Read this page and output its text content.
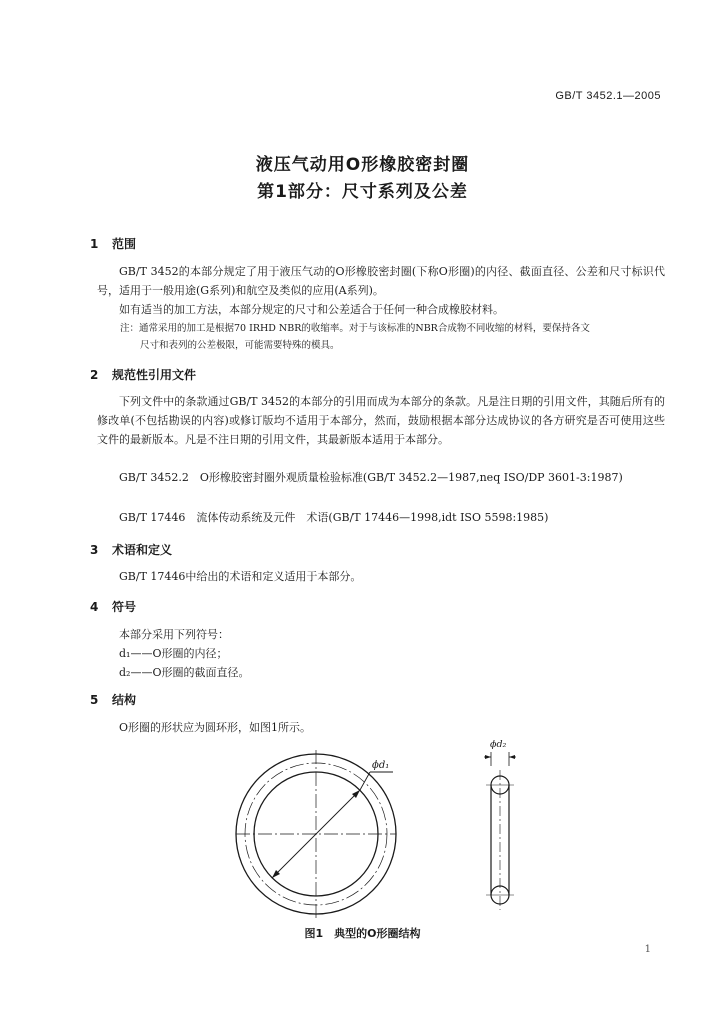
GB/T 3452.1—2005
液压气动用O形橡胶密封圈
第1部分：尺寸系列及公差
1 范围
GB/T 3452的本部分规定了用于液压气动的O形橡胶密封圈(下称O形圈)的内径、截面直径、公差和尺寸标识代号，适用于一般用途(G系列)和航空及类似的应用(A系列)。
如有适当的加工方法，本部分规定的尺寸和公差适合于任何一种合成橡胶材料。
注：通常采用的加工是根据70 IRHD NBR的收缩率。对于与该标准的NBR合成物不同收缩的材料，要保持各文
尺寸和表列的公差极限，可能需要特殊的模具。
2 规范性引用文件
下列文件中的条款通过GB/T 3452的本部分的引用而成为本部分的条款。凡是注日期的引用文件，其随后所有的修改单(不包括勘误的内容)或修订版均不适用于本部分，然而，鼓励根据本部分达成协议的各方研究是否可使用这些文件的最新版本。凡是不注日期的引用文件，其最新版本适用于本部分。
GB/T 3452.2　O形橡胶密封圈外观质量检验标准(GB/T 3452.2—1987,neq ISO/DP 3601-3:1987)
GB/T 17446　流体传动系统及元件　术语(GB/T 17446—1998,idt ISO 5598:1985)
3 术语和定义
GB/T 17446中给出的术语和定义适用于本部分。
4 符号
本部分采用下列符号：
d₁——O形圈的内径；
d₂——O形圈的截面直径。
5 结构
O形圈的形状应为圆环形，如图1所示。
ϕd₁
ϕd₂
图1　典型的O形圈结构
1
